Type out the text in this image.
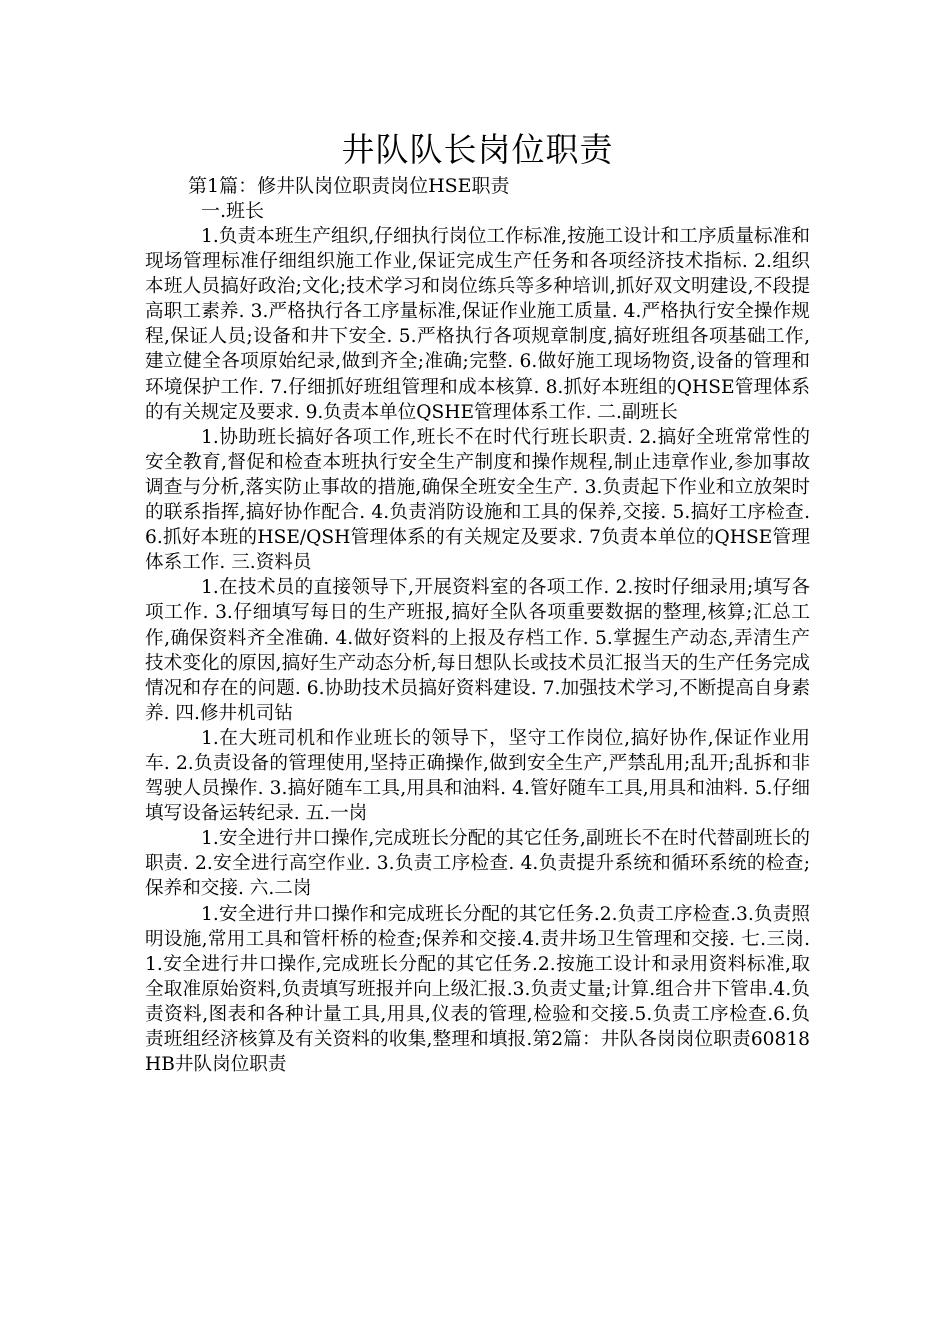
井队队长岗位职责

第1篇：修井队岗位职责岗位HSE职责

一.班长

1.负责本班生产组织,仔细执行岗位工作标准,按施工设计和工序质量标准和现场管理标准仔细组织施工作业,保证完成生产任务和各项经济技术指标. 2.组织本班人员搞好政治;文化;技术学习和岗位练兵等多种培训,抓好双文明建设,不段提高职工素养. 3.严格执行各工序量标准,保证作业施工质量. 4.严格执行安全操作规程,保证人员;设备和井下安全. 5.严格执行各项规章制度,搞好班组各项基础工作,建立健全各项原始纪录,做到齐全;准确;完整. 6.做好施工现场物资,设备的管理和环境保护工作. 7.仔细抓好班组管理和成本核算. 8.抓好本班组的QHSE管理体系的有关规定及要求. 9.负责本单位QSHE管理体系工作. 二.副班长

1.协助班长搞好各项工作,班长不在时代行班长职责. 2.搞好全班常常性的安全教育,督促和检查本班执行安全生产制度和操作规程,制止违章作业,参加事故调查与分析,落实防止事故的措施,确保全班安全生产. 3.负责起下作业和立放架时的联系指挥,搞好协作配合. 4.负责消防设施和工具的保养,交接. 5.搞好工序检查. 6.抓好本班的HSE/QSH管理体系的有关规定及要求. 7负责本单位的QHSE管理体系工作. 三.资料员

1.在技术员的直接领导下,开展资料室的各项工作. 2.按时仔细录用;填写各项工作. 3.仔细填写每日的生产班报,搞好全队各项重要数据的整理,核算;汇总工作,确保资料齐全准确. 4.做好资料的上报及存档工作. 5.掌握生产动态,弄清生产技术变化的原因,搞好生产动态分析,每日想队长或技术员汇报当天的生产任务完成情况和存在的问题. 6.协助技术员搞好资料建设. 7.加强技术学习,不断提高自身素养. 四.修井机司钻

1.在大班司机和作业班长的领导下，坚守工作岗位,搞好协作,保证作业用车. 2.负责设备的管理使用,坚持正确操作,做到安全生产,严禁乱用;乱开;乱拆和非驾驶人员操作. 3.搞好随车工具,用具和油料. 4.管好随车工具,用具和油料. 5.仔细填写设备运转纪录. 五.一岗

1.安全进行井口操作,完成班长分配的其它任务,副班长不在时代替副班长的职责. 2.安全进行高空作业. 3.负责工序检查. 4.负责提升系统和循环系统的检查;保养和交接. 六.二岗

1.安全进行井口操作和完成班长分配的其它任务.2.负责工序检查.3.负责照明设施,常用工具和管杆桥的检查;保养和交接.4.责井场卫生管理和交接. 七.三岗.1.安全进行井口操作,完成班长分配的其它任务.2.按施工设计和录用资料标准,取全取准原始资料,负责填写班报并向上级汇报.3.负责丈量;计算.组合井下管串.4.负责资料,图表和各种计量工具,用具,仪表的管理,检验和交接.5.负责工序检查.6.负责班组经济核算及有关资料的收集,整理和填报.第2篇：井队各岗岗位职责60818HB井队岗位职责
